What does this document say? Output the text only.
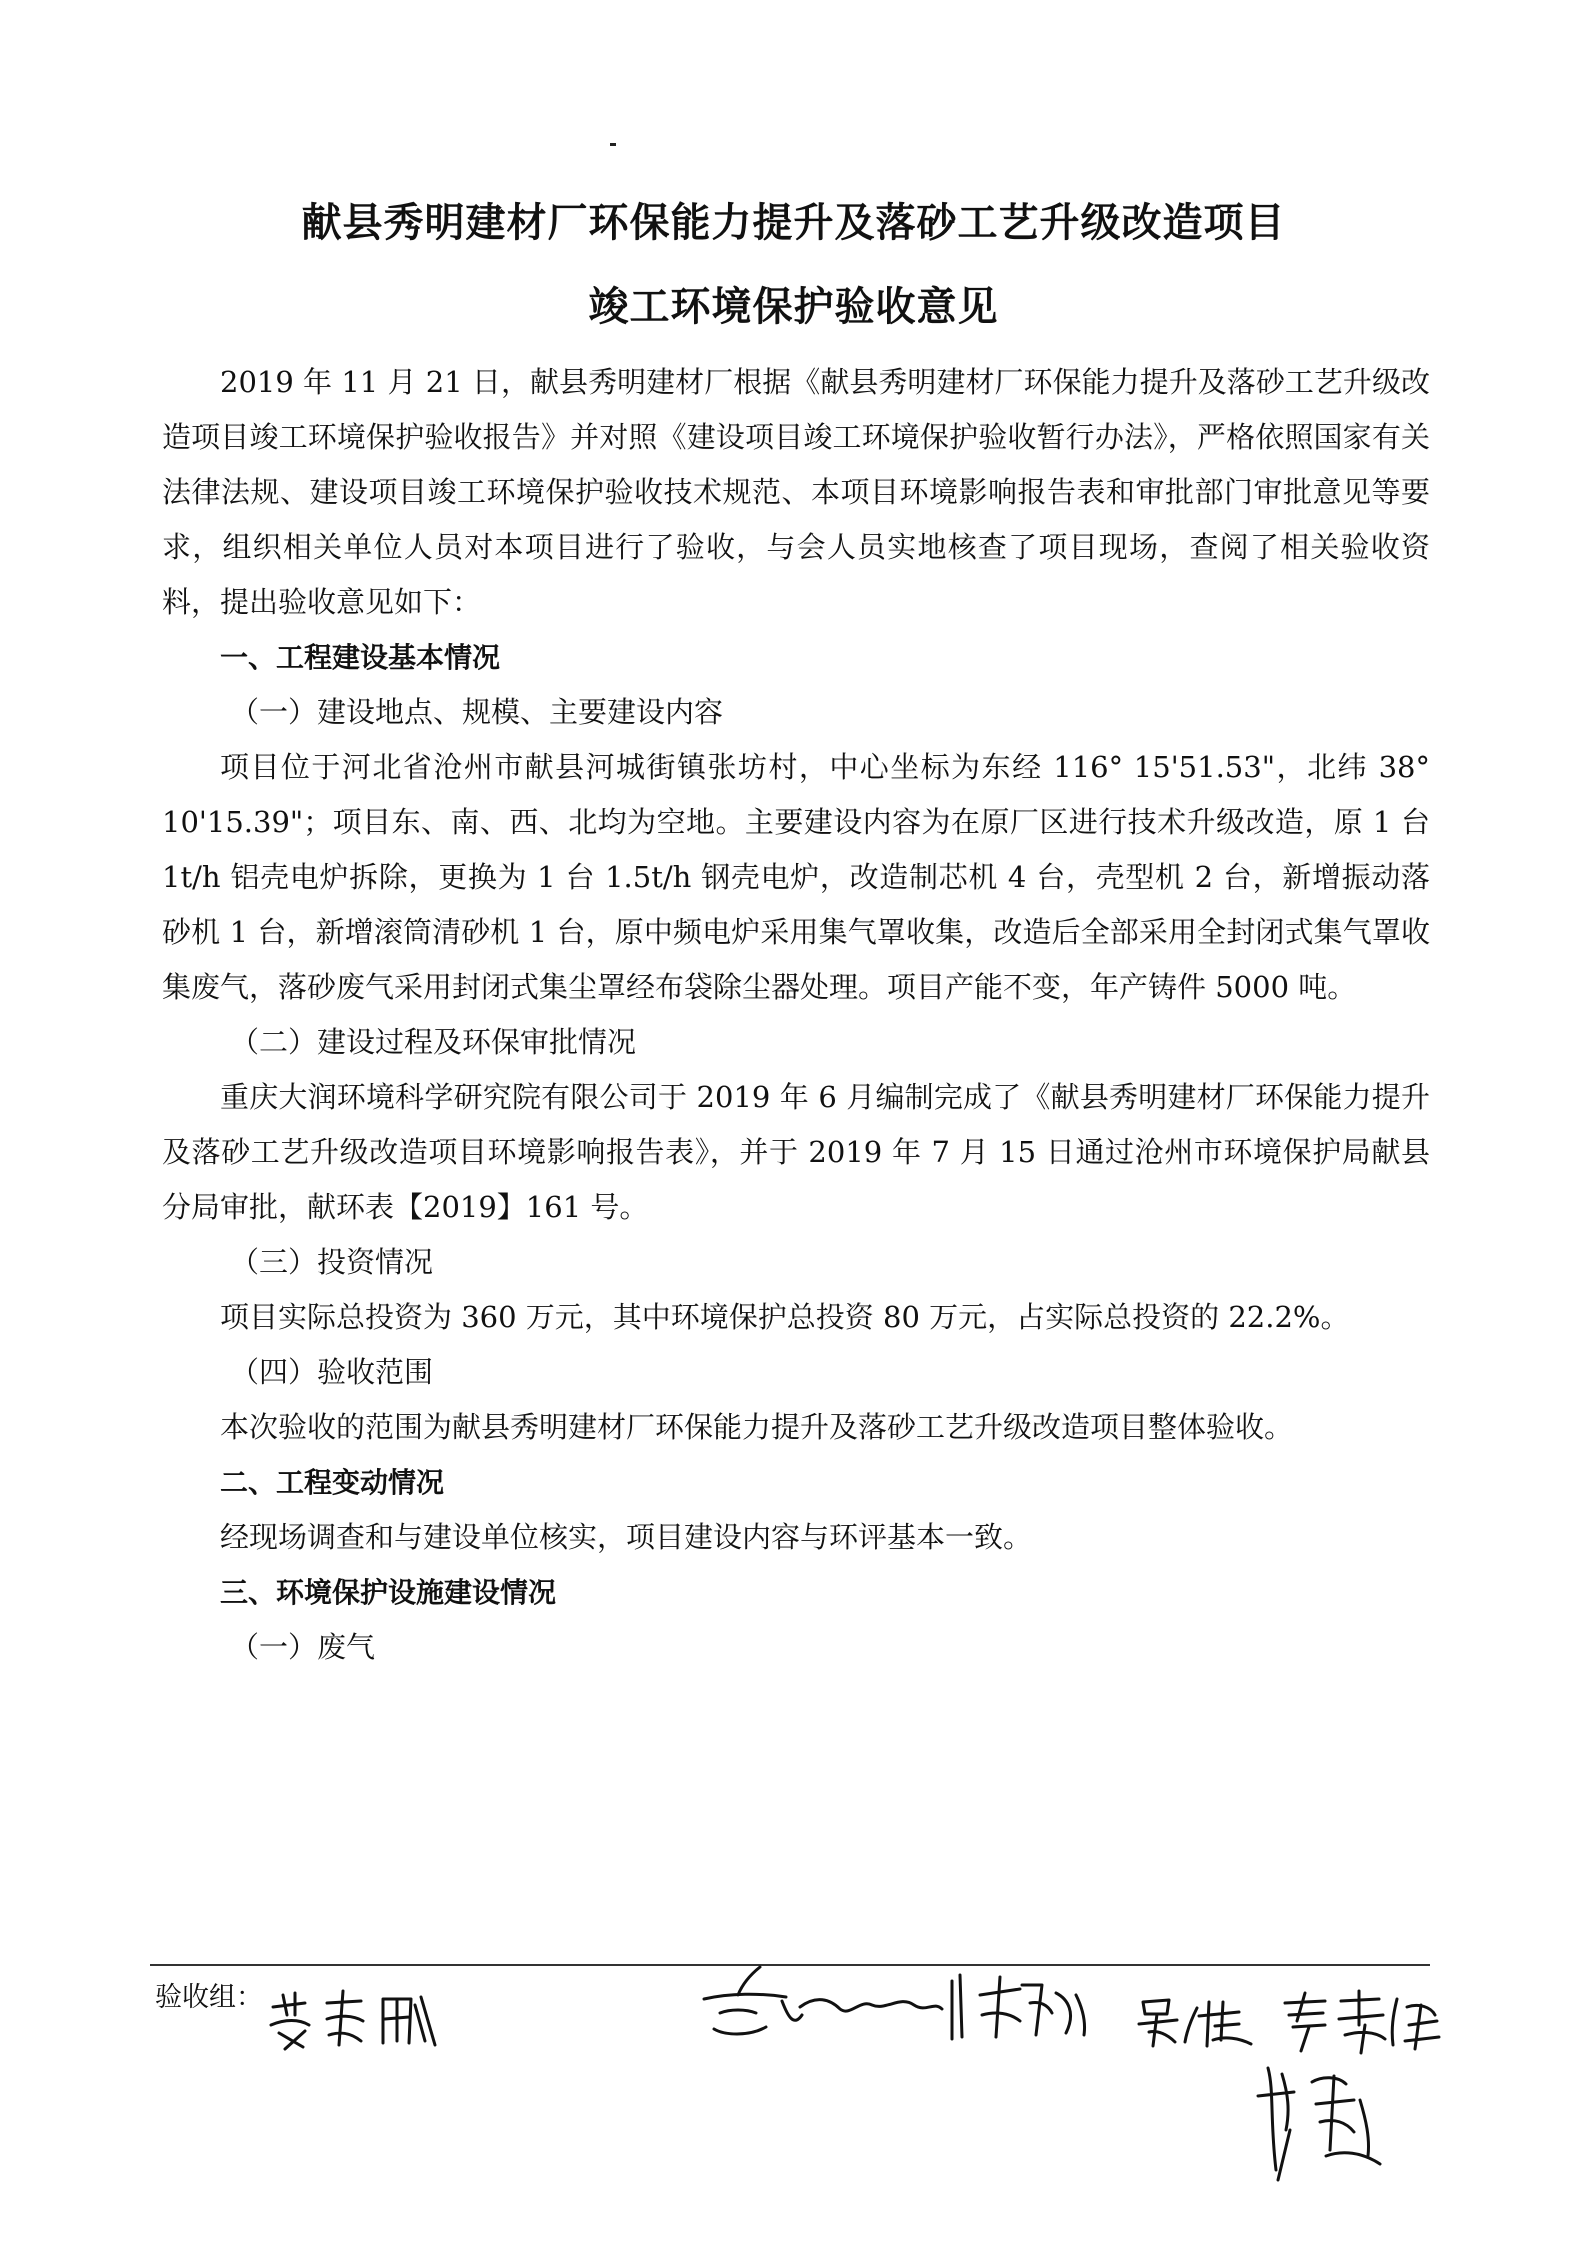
献县秀明建材厂环保能力提升及落砂工艺升级改造项目
竣工环境保护验收意见

2019 年 11 月 21 日，献县秀明建材厂根据《献县秀明建材厂环保能力提升及落砂工艺升级改造项目竣工环境保护验收报告》并对照《建设项目竣工环境保护验收暂行办法》，严格依照国家有关法律法规、建设项目竣工环境保护验收技术规范、本项目环境影响报告表和审批部门审批意见等要求，组织相关单位人员对本项目进行了验收，与会人员实地核查了项目现场，查阅了相关验收资料，提出验收意见如下：

一、工程建设基本情况

（一）建设地点、规模、主要建设内容

项目位于河北省沧州市献县河城街镇张坊村，中心坐标为东经 116° 15'51.53"，北纬 38° 10'15.39"；项目东、南、西、北均为空地。主要建设内容为在原厂区进行技术升级改造，原 1 台 1t/h 铝壳电炉拆除，更换为 1 台 1.5t/h 钢壳电炉，改造制芯机 4 台，壳型机 2 台，新增振动落砂机 1 台，新增滚筒清砂机 1 台，原中频电炉采用集气罩收集，改造后全部采用全封闭式集气罩收集废气，落砂废气采用封闭式集尘罩经布袋除尘器处理。项目产能不变，年产铸件 5000 吨。

（二）建设过程及环保审批情况

重庆大润环境科学研究院有限公司于 2019 年 6 月编制完成了《献县秀明建材厂环保能力提升及落砂工艺升级改造项目环境影响报告表》，并于 2019 年 7 月 15 日通过沧州市环境保护局献县分局审批，献环表【2019】161 号。

（三）投资情况

项目实际总投资为 360 万元，其中环境保护总投资 80 万元，占实际总投资的 22.2%。

（四）验收范围

本次验收的范围为献县秀明建材厂环保能力提升及落砂工艺升级改造项目整体验收。

二、工程变动情况

经现场调查和与建设单位核实，项目建设内容与环评基本一致。

三、环境保护设施建设情况

（一）废气

验收组：
